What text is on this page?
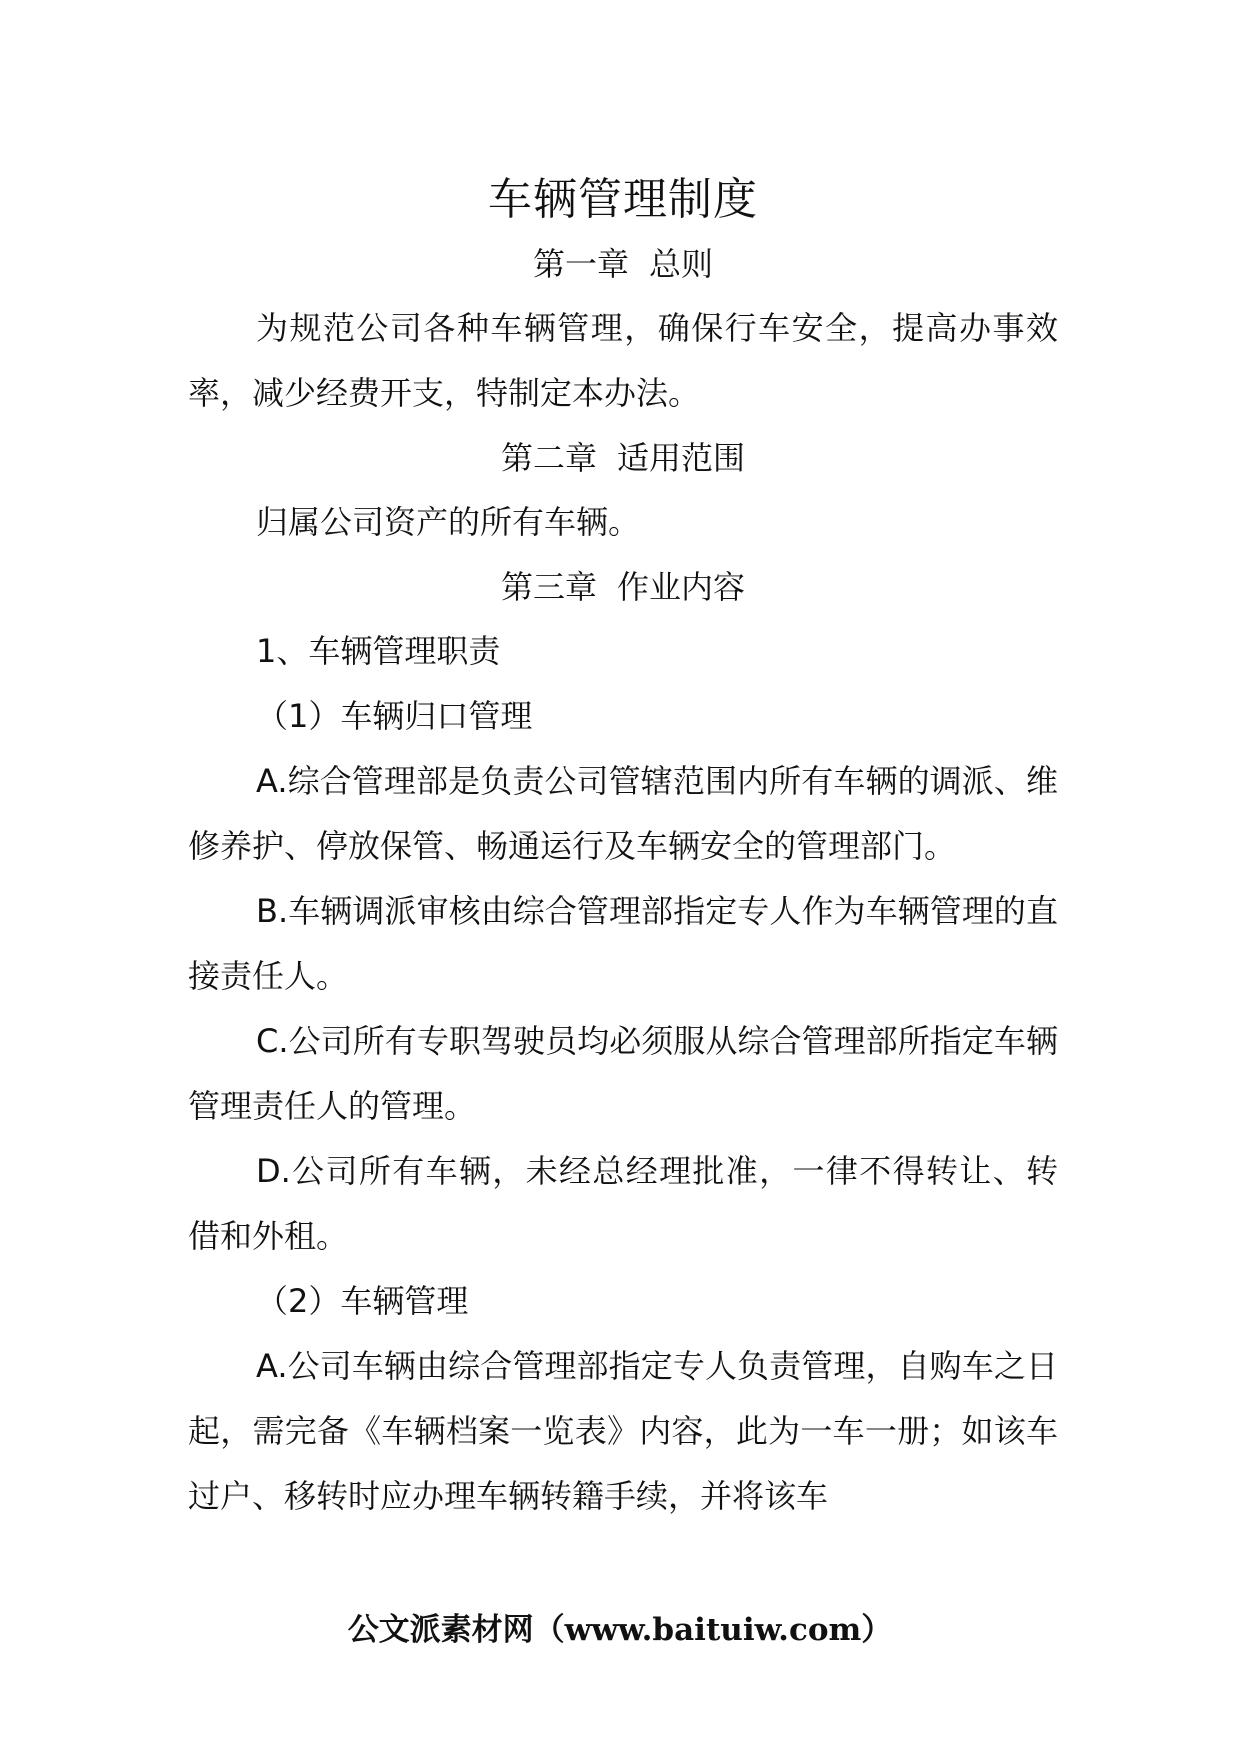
车辆管理制度

第一章 总则

为规范公司各种车辆管理，确保行车安全，提高办事效率，减少经费开支，特制定本办法。

第二章 适用范围

归属公司资产的所有车辆。

第三章 作业内容

1、车辆管理职责

（1）车辆归口管理

A.综合管理部是负责公司管辖范围内所有车辆的调派、维修养护、停放保管、畅通运行及车辆安全的管理部门。

B.车辆调派审核由综合管理部指定专人作为车辆管理的直接责任人。

C.公司所有专职驾驶员均必须服从综合管理部所指定车辆管理责任人的管理。

D.公司所有车辆，未经总经理批准，一律不得转让、转借和外租。

（2）车辆管理

A.公司车辆由综合管理部指定专人负责管理，自购车之日起，需完备《车辆档案一览表》内容，此为一车一册；如该车过户、移转时应办理车辆转籍手续，并将该车

公文派素材网（www.baituiw.com）
